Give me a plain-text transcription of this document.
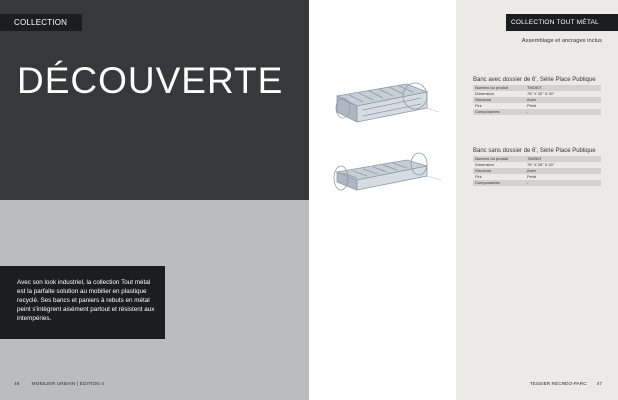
COLLECTION
DÉCOUVERTE
Avec son look industriel, la collection Tout métal est la parfaite solution au mobilier en plastique recyclé. Ses bancs et paniers à rebuts en métal peint s'intègrent aisément partout et résistent aux intempéries.
46	MOBILIER URBAIN | ÉDITION 4
COLLECTION TOUT MÉTAL
Assemblage et ancrages inclus
Banc avec dossier de 6', Série Place Publique
Numéro du produit	TM150T
Dimension	76" X 32" X 30"
Structure	Acier
Fini	Peint
Composantes	-
Banc sans dossier de 6', Série Place Publique
Numéro du produit	TM250T
Dimension	76" X 26" X 20"
Structure	Acier
Fini	Peint
Composantes	-
TESSIER RÉCRÉO-PARC 47
